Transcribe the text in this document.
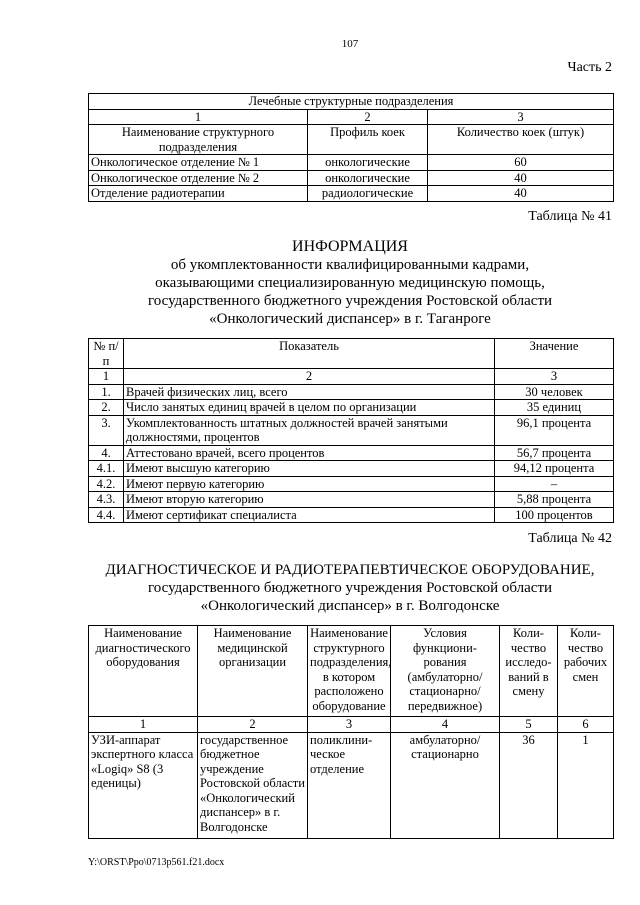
107
Часть 2
Лечебные структурные подразделения		
1	2	3
Наименование структурного подразделения	Профиль коек	Количество коек (штук)
Онкологическое отделение № 1	онкологические	60
Онкологическое отделение № 2	онкологические	40
Отделение радиотерапии	радиологические	40
Таблица № 41
ИНФОРМАЦИЯ
об укомплектованности квалифицированными кадрами,
оказывающими специализированную медицинскую помощь,
государственного бюджетного учреждения Ростовской области
«Онкологический диспансер» в г. Таганроге
№ п/п	Показатель	Значение
1	2	3
1.	Врачей физических лиц, всего	30 человек
2.	Число занятых единиц врачей в целом по организации	35 единиц
3.	Укомплектованность штатных должностей врачей занятыми должностями, процентов	96,1 процента
4.	Аттестовано врачей, всего процентов	56,7 процента
4.1.	Имеют высшую категорию	94,12 процента
4.2.	Имеют первую категорию	–
4.3.	Имеют вторую категорию	5,88 процента
4.4.	Имеют сертификат специалиста	100 процентов
Таблица № 42
ДИАГНОСТИЧЕСКОЕ И РАДИОТЕРАПЕВТИЧЕСКОЕ ОБОРУДОВАНИЕ,
государственного бюджетного учреждения Ростовской области
«Онкологический диспансер» в г. Волгодонске
Наименование диагностического оборудования	Наименование медицинской организации	Наименование структурного подразделения, в котором расположено оборудование	Условия функциони-рования (амбулаторно/ стационарно/ передвижное)	Коли-чество исследо-ваний в смену	Коли-чество рабочих смен
1	2	3	4	5	6
УЗИ-аппарат экспертного класса «Logiq» S8 (3 еденицы)	государственное бюджетное учреждение Ростовской области «Онкологический диспансер» в г. Волгодонске	поликлини-ческое отделение	амбулаторно/ стационарно	36	1
Y:\ORST\Ppo\0713p561.f21.docx
